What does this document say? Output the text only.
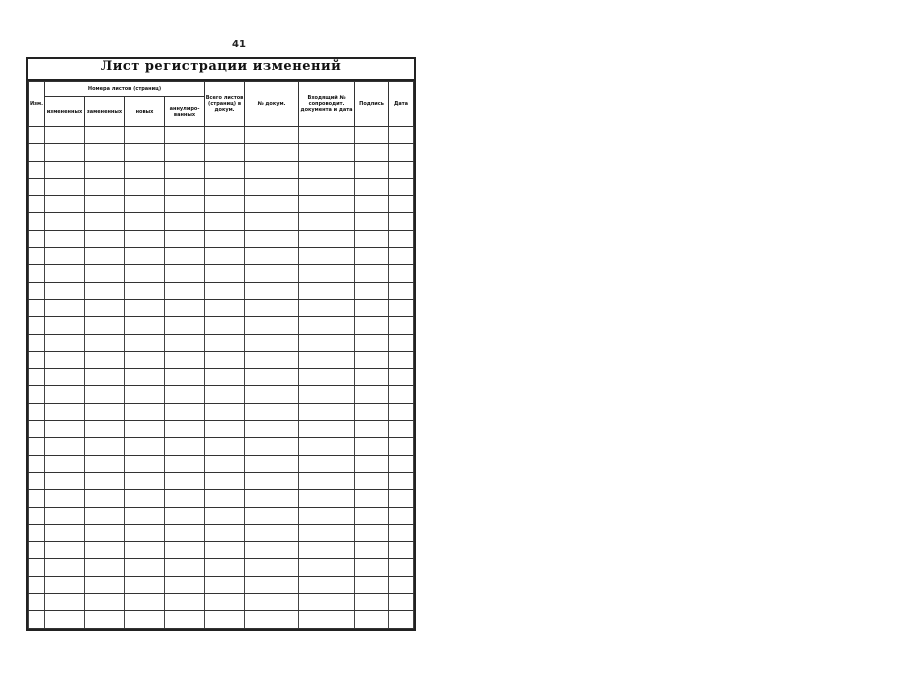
41
Лист регистрации изменений
Изм.	Номера листов (страниц)				Всего листов (страниц) в докум.	№ докум.	Входящий № сопроводит. документа и дата	Подпись	Дата
	измененных	замененных	новых	аннулиро-ванных					
